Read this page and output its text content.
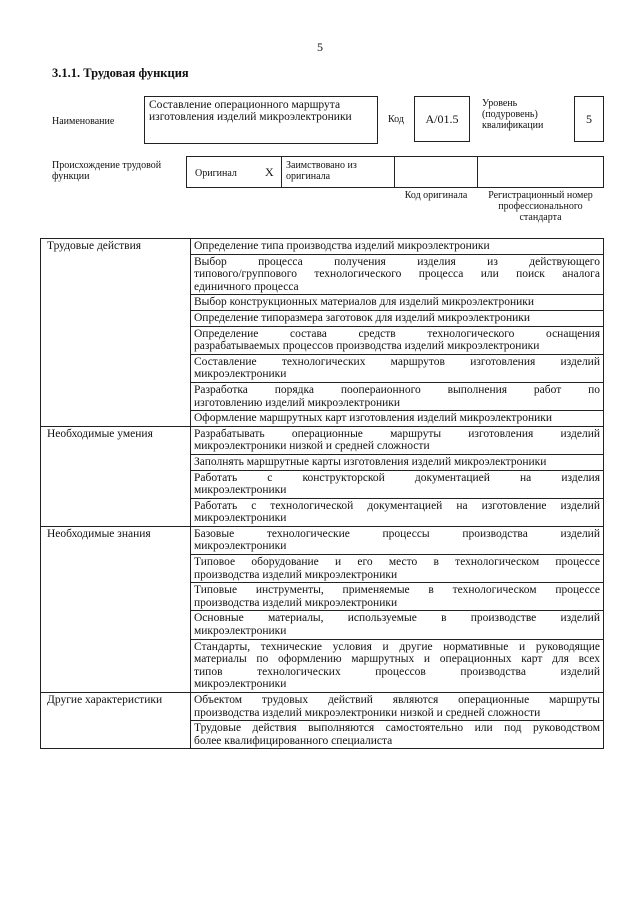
5
3.1.1. Трудовая функция
Наименование
Составление операционного маршрута изготовления изделий микроэлектроники	Код A/01.5
Уровень
(подуровень)
квалификации	5
Происхождение трудовой
функции	Оригинал X Заимствовано из
оригинала
Код оригинала	Регистрационный номер
профессионального
стандарта
Трудовые действия	Определение типа производства изделий микроэлектроники

	Выбор процесса получения изделия из действующего
типового/группового технологического процесса или поиск аналога
единичного процесса

	Выбор конструкционных материалов для изделий микроэлектроники

	Определение типоразмера заготовок для изделий микроэлектроники

	Определение состава средств технологического оснащения
разрабатываемых процессов производства изделий микроэлектроники

	Составление технологических маршрутов изготовления изделий
микроэлектроники

	Разработка порядка поопераионного выполнения работ по
изготовлению изделий микроэлектроники

	Оформление маршрутных карт изготовления изделий микроэлектроники

Необходимые умения	Разрабатывать операционные маршруты изготовления изделий
микроэлектроники низкой и средней сложности

	Заполнять маршрутные карты изготовления изделий микроэлектроники

	Работать с конструкторской документацией на изделия
микроэлектроники

	Работать с технологической документацией на изготовление изделий
микроэлектроники

Необходимые знания	Базовые технологические процессы производства изделий
микроэлектроники

	Типовое оборудование и его место в технологическом процессе
производства изделий микроэлектроники

	Типовые инструменты, применяемые в технологическом процессе
производства изделий микроэлектроники

	Основные материалы, используемые в производстве изделий
микроэлектроники

	Стандарты, технические условия и другие нормативные и руководящие
материалы по оформлению маршрутных и операционных карт для всех
типов технологических процессов производства изделий
микроэлектроники

Другие характеристики	Объектом трудовых действий являются операционные маршруты
производства изделий микроэлектроники низкой и средней сложности

	Трудовые действия выполняются самостоятельно или под руководством
более квалифицированного специалиста
